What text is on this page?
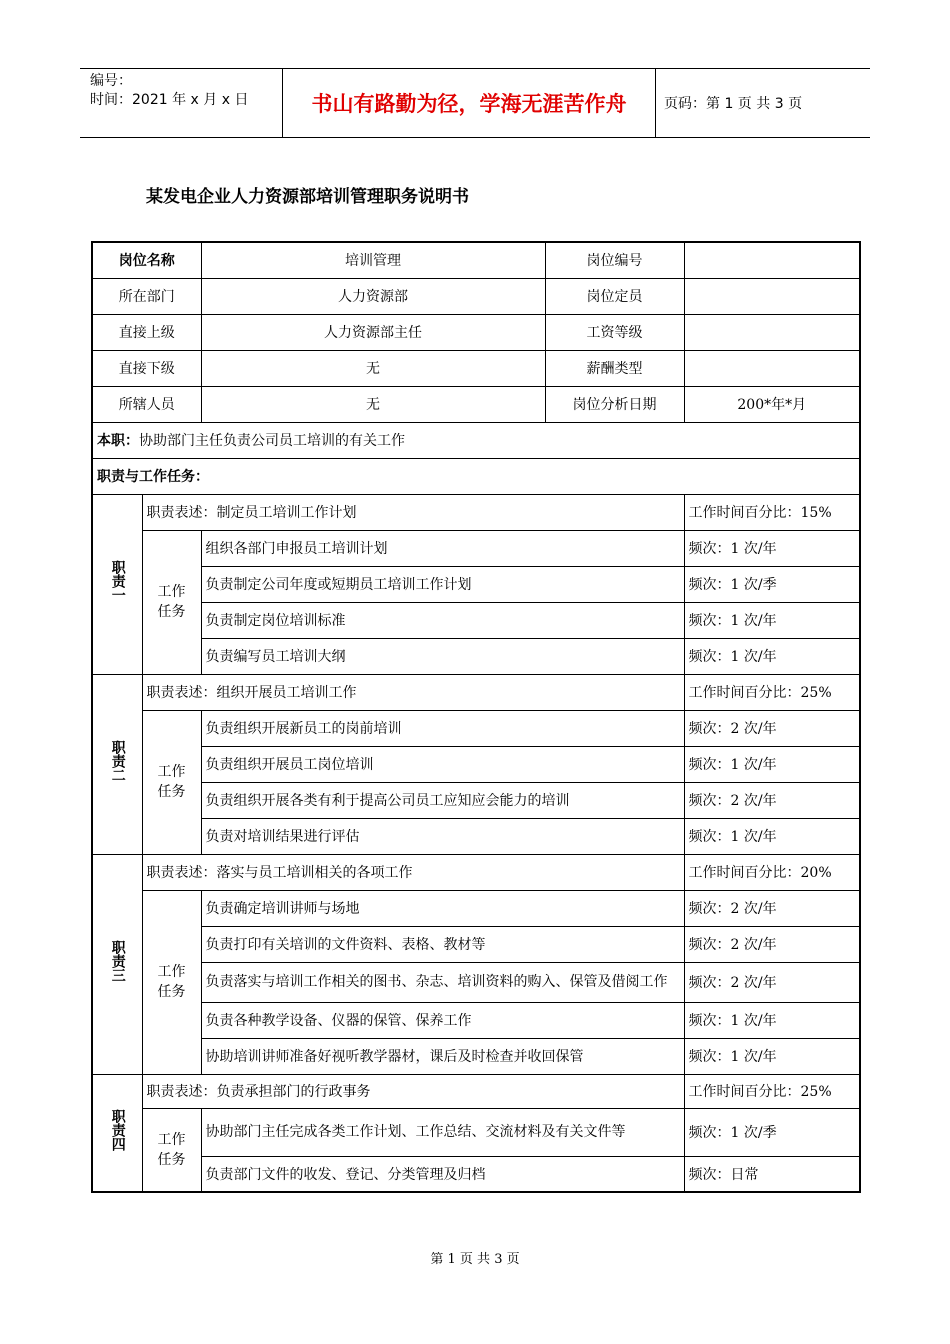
编号：
时间：2021 年 x 月 x 日	书山有路勤为径，学海无涯苦作舟	页码：第 1 页 共 3 页
某发电企业人力资源部培训管理职务说明书
岗位名称		培训管理	岗位编号	
所在部门		人力资源部	岗位定员	
直接上级		人力资源部主任	工资等级	
直接下级		无	薪酬类型	
所辖人员		无	岗位分析日期	200*年*月
本职：协助部门主任负责公司员工培训的有关工作				
职责与工作任务：				
职责一	职责表述：制定员工培训工作计划			工作时间百分比：15%
	工作任务	组织各部门申报员工培训计划		频次：1 次/年
		负责制定公司年度或短期员工培训工作计划		频次：1 次/季
		负责制定岗位培训标准		频次：1 次/年
		负责编写员工培训大纲		频次：1 次/年
职责二	职责表述：组织开展员工培训工作			工作时间百分比：25%
	工作任务	负责组织开展新员工的岗前培训		频次：2 次/年
		负责组织开展员工岗位培训		频次：1 次/年
		负责组织开展各类有利于提高公司员工应知应会能力的培训		频次：2 次/年
		负责对培训结果进行评估		频次：1 次/年
职责三	职责表述：落实与员工培训相关的各项工作			工作时间百分比：20%
	工作任务	负责确定培训讲师与场地		频次：2 次/年
		负责打印有关培训的文件资料、表格、教材等		频次：2 次/年
		负责落实与培训工作相关的图书、杂志、培训资料的购入、保管及借阅工作		频次：2 次/年
		负责各种教学设备、仪器的保管、保养工作		频次：1 次/年
		协助培训讲师准备好视听教学器材，课后及时检查并收回保管		频次：1 次/年
职责四	职责表述：负责承担部门的行政事务			工作时间百分比：25%
	工作任务	协助部门主任完成各类工作计划、工作总结、交流材料及有关文件等		频次：1 次/季
		负责部门文件的收发、登记、分类管理及归档		频次：日常
第 1 页 共 3 页
